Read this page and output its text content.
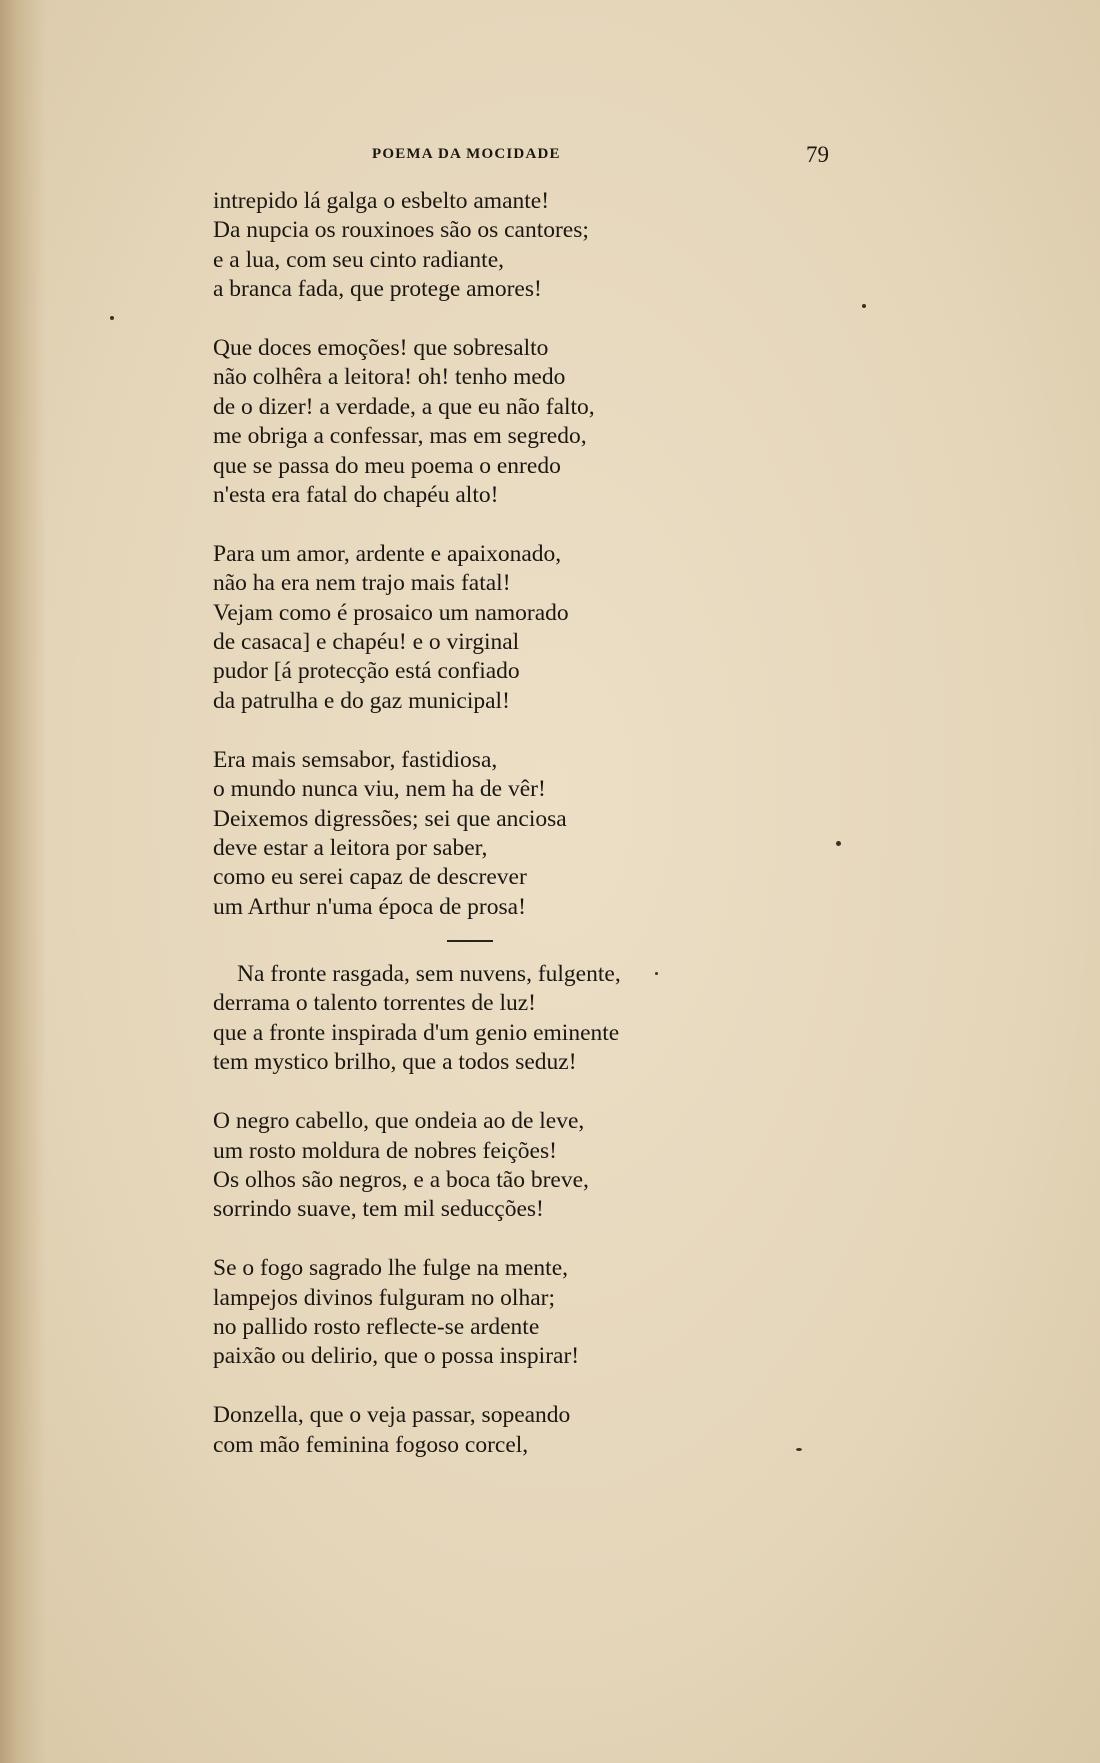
POEMA DA MOCIDADE	79
intrepido lá galga o esbelto amante!
Da nupcia os rouxinoes são os cantores;
e a lua, com seu cinto radiante,
a branca fada, que protege amores!
Que doces emoções! que sobresalto
não colhêra a leitora! oh! tenho medo
de o dizer! a verdade, a que eu não falto,
me obriga a confessar, mas em segredo,
que se passa do meu poema o enredo
n'esta era fatal do chapéu alto!
Para um amor, ardente e apaixonado,
não ha era nem trajo mais fatal!
Vejam como é prosaico um namorado
de casaca] e chapéu! e o virginal
pudor [á protecção está confiado
da patrulha e do gaz municipal!
Era mais semsabor, fastidiosa,
o mundo nunca viu, nem ha de vêr!
Deixemos digressões; sei que anciosa
deve estar a leitora por saber,
como eu serei capaz de descrever
um Arthur n'uma época de prosa!
Na fronte rasgada, sem nuvens, fulgente,
derrama o talento torrentes de luz!
que a fronte inspirada d'um genio eminente
tem mystico brilho, que a todos seduz!
O negro cabello, que ondeia ao de leve,
um rosto moldura de nobres feições!
Os olhos são negros, e a boca tão breve,
sorrindo suave, tem mil seducções!
Se o fogo sagrado lhe fulge na mente,
lampejos divinos fulguram no olhar;
no pallido rosto reflecte-se ardente
paixão ou delirio, que o possa inspirar!
Donzella, que o veja passar, sopeando
com mão feminina fogoso corcel,
